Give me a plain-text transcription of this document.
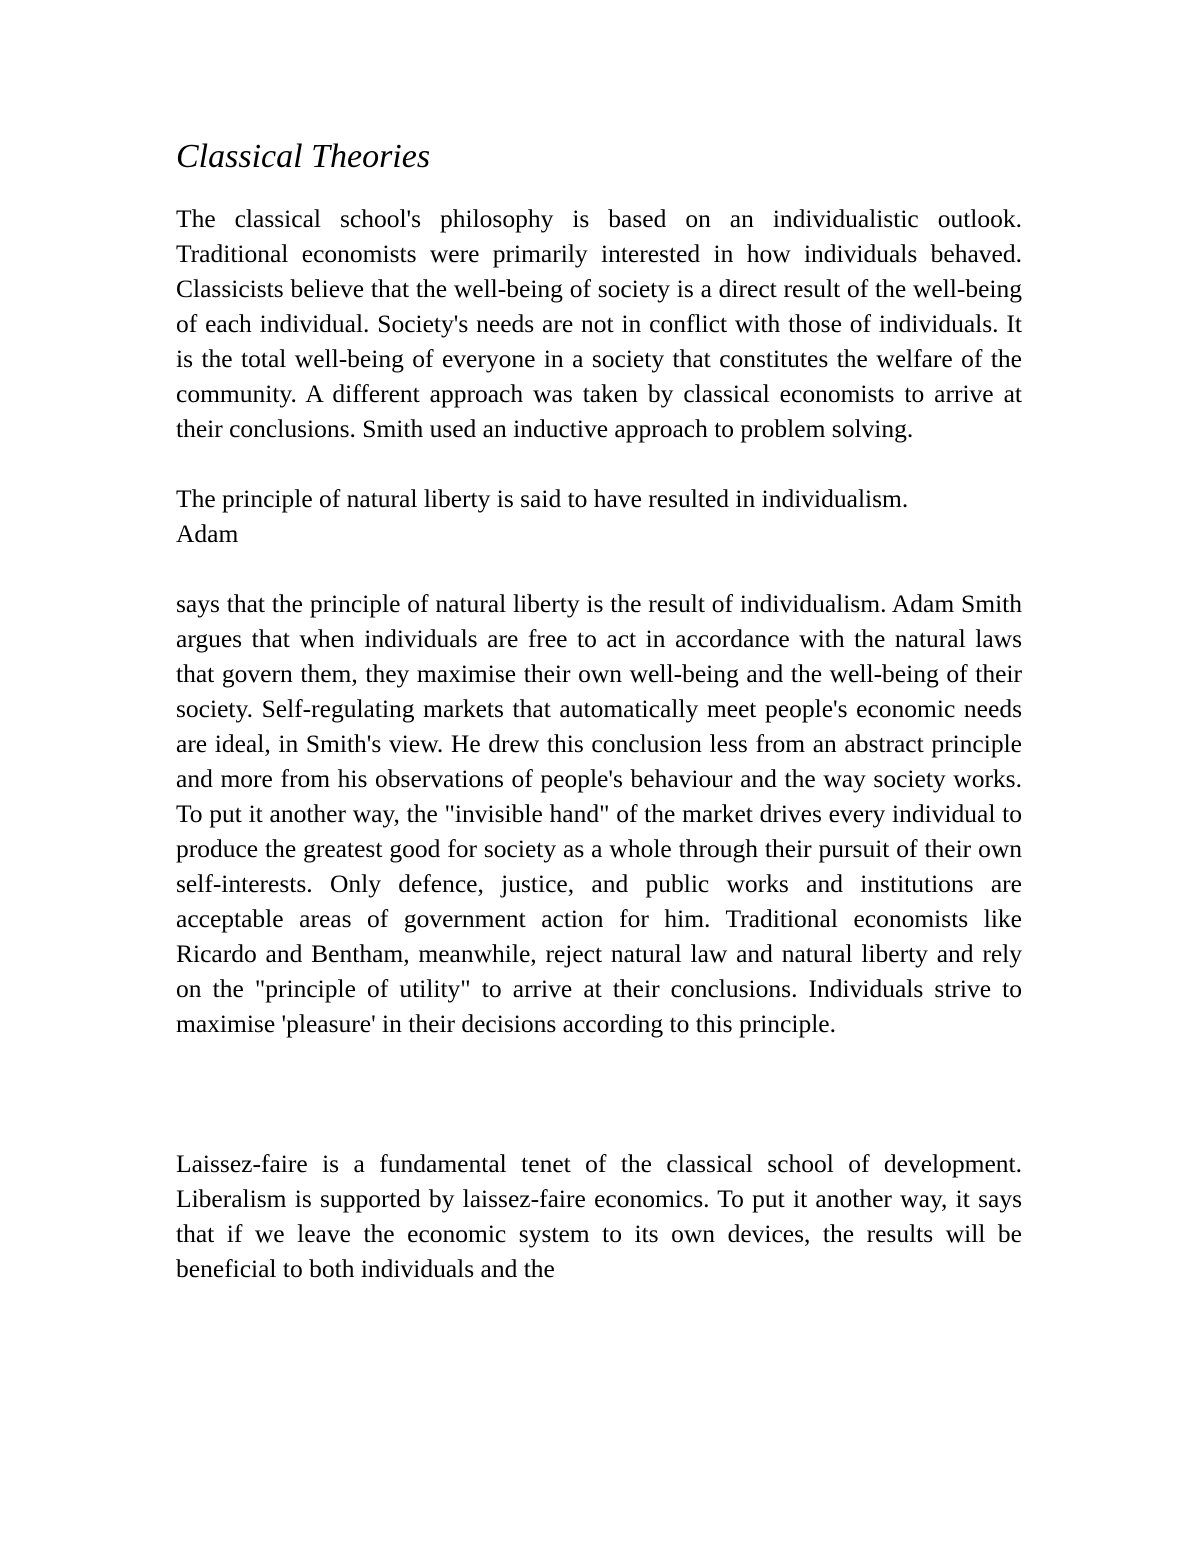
Classical Theories

The classical school's philosophy is based on an individualistic outlook. Traditional economists were primarily interested in how individuals behaved. Classicists believe that the well-being of society is a direct result of the well-being of each individual. Society's needs are not in conflict with those of individuals. It is the total well-being of everyone in a society that constitutes the welfare of the community. A different approach was taken by classical economists to arrive at their conclusions. Smith used an inductive approach to problem solving.

The principle of natural liberty is said to have resulted in individualism.

Adam

says that the principle of natural liberty is the result of individualism. Adam Smith argues that when individuals are free to act in accordance with the natural laws that govern them, they maximise their own well-being and the well-being of their society. Self-regulating markets that automatically meet people's economic needs are ideal, in Smith's view. He drew this conclusion less from an abstract principle and more from his observations of people's behaviour and the way society works. To put it another way, the "invisible hand" of the market drives every individual to produce the greatest good for society as a whole through their pursuit of their own self-interests. Only defence, justice, and public works and institutions are acceptable areas of government action for him. Traditional economists like Ricardo and Bentham, meanwhile, reject natural law and natural liberty and rely on the "principle of utility" to arrive at their conclusions. Individuals strive to maximise 'pleasure' in their decisions according to this principle.

Laissez-faire is a fundamental tenet of the classical school of development. Liberalism is supported by laissez-faire economics. To put it another way, it says that if we leave the economic system to its own devices, the results will be beneficial to both individuals and the
